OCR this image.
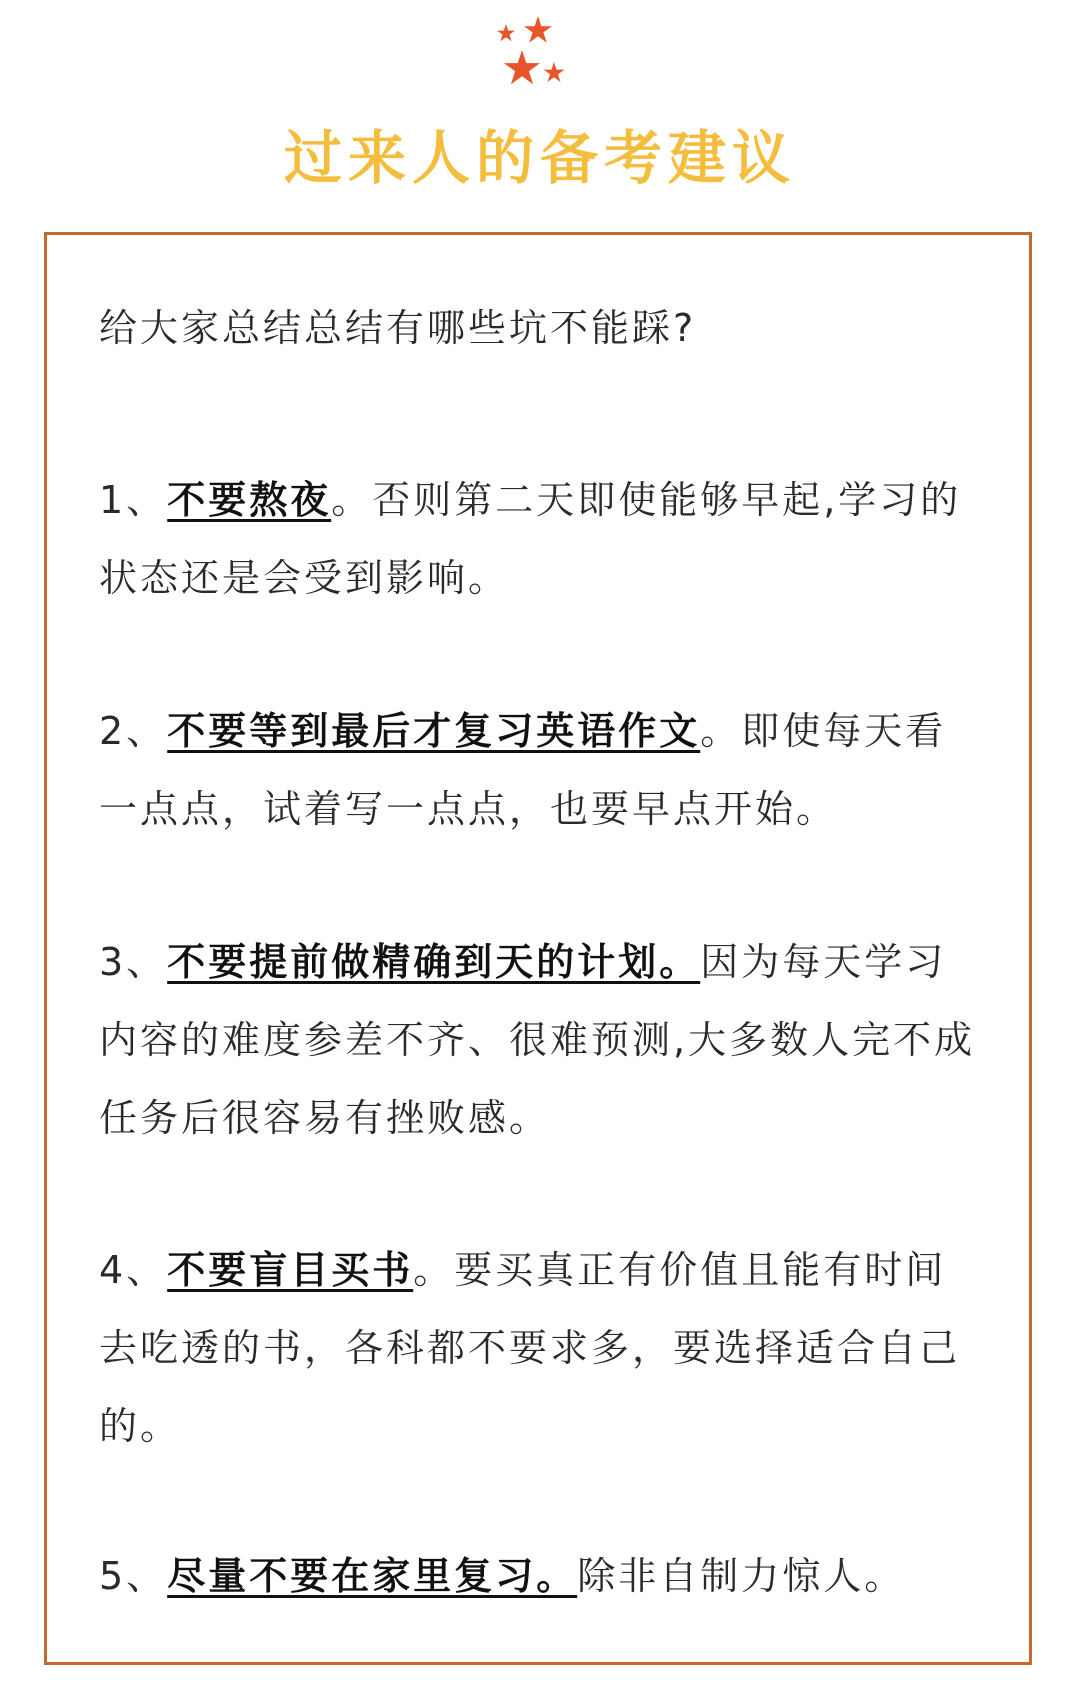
过来人的备考建议
给大家总结总结有哪些坑不能踩?
1、不要熬夜。否则第二天即使能够早起,学习的状态还是会受到影响。
2、不要等到最后才复习英语作文。即使每天看一点点，试着写一点点，也要早点开始。
3、不要提前做精确到天的计划。因为每天学习内容的难度参差不齐、很难预测,大多数人完不成任务后很容易有挫败感。
4、不要盲目买书。要买真正有价值且能有时间去吃透的书，各科都不要求多，要选择适合自己的。
5、尽量不要在家里复习。除非自制力惊人。
